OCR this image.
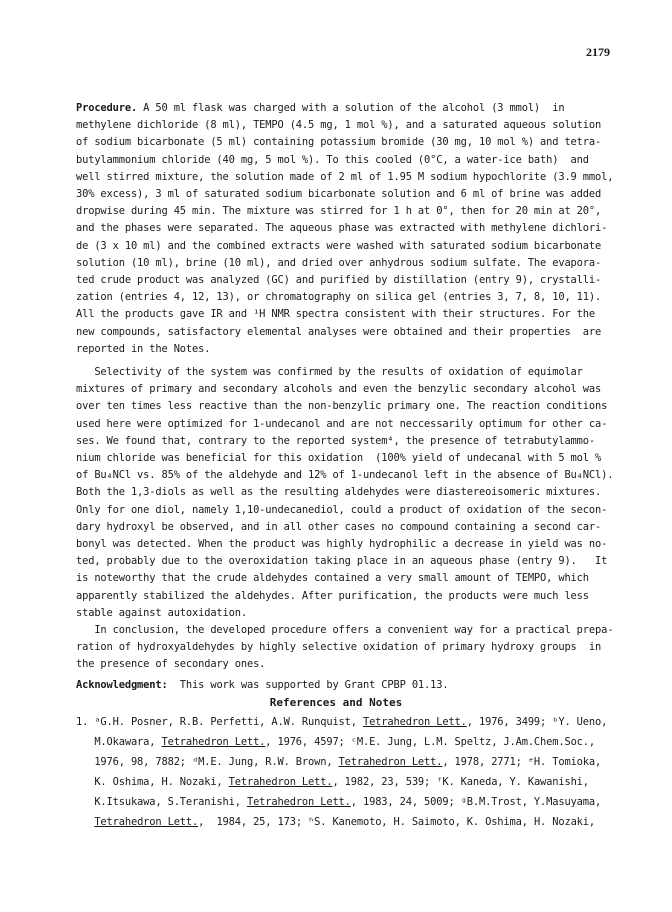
2179
Procedure. A 50 ml flask was charged with a solution of the alcohol (3 mmol)  in
methylene dichloride (8 ml), TEMPO (4.5 mg, 1 mol %), and a saturated aqueous solution
of sodium bicarbonate (5 ml) containing potassium bromide (30 mg, 10 mol %) and tetra-
butylammonium chloride (40 mg, 5 mol %). To this cooled (0°C, a water-ice bath)  and
well stirred mixture, the solution made of 2 ml of 1.95 M sodium hypochlorite (3.9 mmol,
30% excess), 3 ml of saturated sodium bicarbonate solution and 6 ml of brine was added
dropwise during 45 min. The mixture was stirred for 1 h at 0°, then for 20 min at 20°,
and the phases were separated. The aqueous phase was extracted with methylene dichlori-
de (3 x 10 ml) and the combined extracts were washed with saturated sodium bicarbonate
solution (10 ml), brine (10 ml), and dried over anhydrous sodium sulfate. The evapora-
ted crude product was analyzed (GC) and purified by distillation (entry 9), crystalli-
zation (entries 4, 12, 13), or chromatography on silica gel (entries 3, 7, 8, 10, 11).
All the products gave IR and ¹H NMR spectra consistent with their structures. For the
new compounds, satisfactory elemental analyses were obtained and their properties  are
reported in the Notes.
Selectivity of the system was confirmed by the results of oxidation of equimolar
mixtures of primary and secondary alcohols and even the benzylic secondary alcohol was
over ten times less reactive than the non-benzylic primary one. The reaction conditions
used here were optimized for 1-undecanol and are not neccessarily optimum for other ca-
ses. We found that, contrary to the reported system⁴, the presence of tetrabutylammo-
nium chloride was beneficial for this oxidation  (100% yield of undecanal with 5 mol %
of Bu₄NCl vs. 85% of the aldehyde and 12% of 1-undecanol left in the absence of Bu₄NCl).
Both the 1,3-diols as well as the resulting aldehydes were diastereoisomeric mixtures.
Only for one diol, namely 1,10-undecanediol, could a product of oxidation of the secon-
dary hydroxyl be observed, and in all other cases no compound containing a second car-
bonyl was detected. When the product was highly hydrophilic a decrease in yield was no-
ted, probably due to the overoxidation taking place in an aqueous phase (entry 9).   It
is noteworthy that the crude aldehydes contained a very small amount of TEMPO, which
apparently stabilized the aldehydes. After purification, the products were much less
stable against autoxidation.
In conclusion, the developed procedure offers a convenient way for a practical prepa-
ration of hydroxyaldehydes by highly selective oxidation of primary hydroxy groups  in
the presence of secondary ones.
Acknowledgment:  This work was supported by Grant CPBP 01.13.
References and Notes
1. ᵃG.H. Posner, R.B. Perfetti, A.W. Runquist, Tetrahedron Lett., 1976, 3499; ᵇY. Ueno,
M.Okawara, Tetrahedron Lett., 1976, 4597; ᶜM.E. Jung, L.M. Speltz, J.Am.Chem.Soc.,
1976, 98, 7882; ᵈM.E. Jung, R.W. Brown, Tetrahedron Lett., 1978, 2771; ᵉH. Tomioka,
K. Oshima, H. Nozaki, Tetrahedron Lett., 1982, 23, 539; ᶠK. Kaneda, Y. Kawanishi,
K.Itsukawa, S.Teranishi, Tetrahedron Lett., 1983, 24, 5009; ᵍB.M.Trost, Y.Masuyama,
Tetrahedron Lett.,  1984, 25, 173; ʰS. Kanemoto, H. Saimoto, K. Oshima, H. Nozaki,
